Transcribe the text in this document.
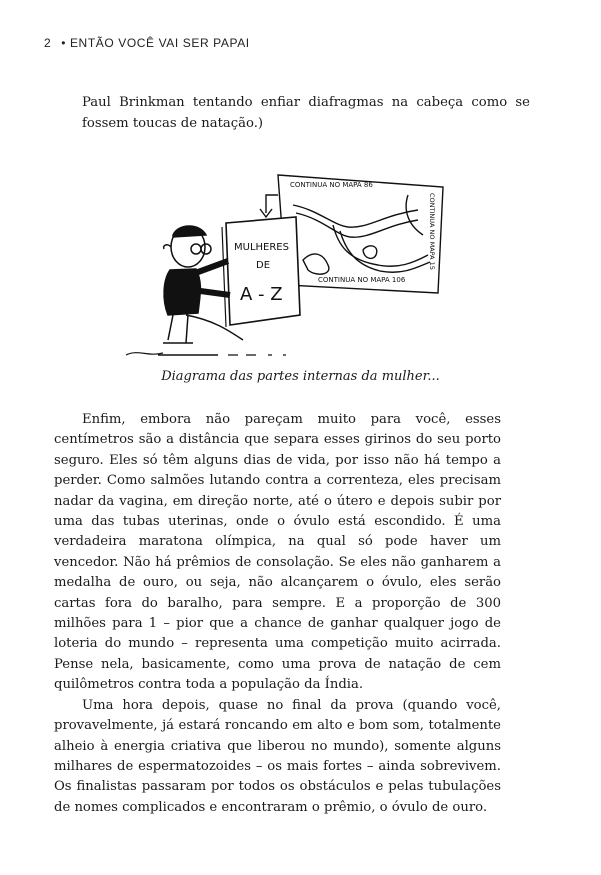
2 • ENTÃO VOCÊ VAI SER PAPAI
Paul Brinkman tentando enfiar diafragmas na cabeça como se fossem toucas de natação.)
CONTINUA NO MAPA 86
CONTINUA NO MAPA 106
CONTINUA NO MAPA 15
MULHERES
DE
A - Z
Diagrama das partes internas da mulher...

Enfim, embora não pareçam muito para você, esses centímetros são a distância que separa esses girinos do seu porto seguro. Eles só têm alguns dias de vida, por isso não há tempo a perder. Como salmões lutando contra a correnteza, eles precisam nadar da vagina, em direção norte, até o útero e depois subir por uma das tubas uterinas, onde o óvulo está escondido. É uma verdadeira maratona olímpica, na qual só pode haver um vencedor. Não há prêmios de consolação. Se eles não ganharem a medalha de ouro, ou seja, não alcançarem o óvulo, eles serão cartas fora do baralho, para sempre. E a proporção de 300 milhões para 1 – pior que a chance de ganhar qualquer jogo de loteria do mundo – representa uma competição muito acirrada. Pense nela, basicamente, como uma prova de natação de cem quilômetros contra toda a população da Índia.

Uma hora depois, quase no final da prova (quando você, provavelmente, já estará roncando em alto e bom som, totalmente alheio à energia criativa que liberou no mundo), somente alguns milhares de espermatozoides – os mais fortes – ainda sobrevivem. Os finalistas passaram por todos os obstáculos e pelas tubulações de nomes complicados e encontraram o prêmio, o óvulo de ouro.
